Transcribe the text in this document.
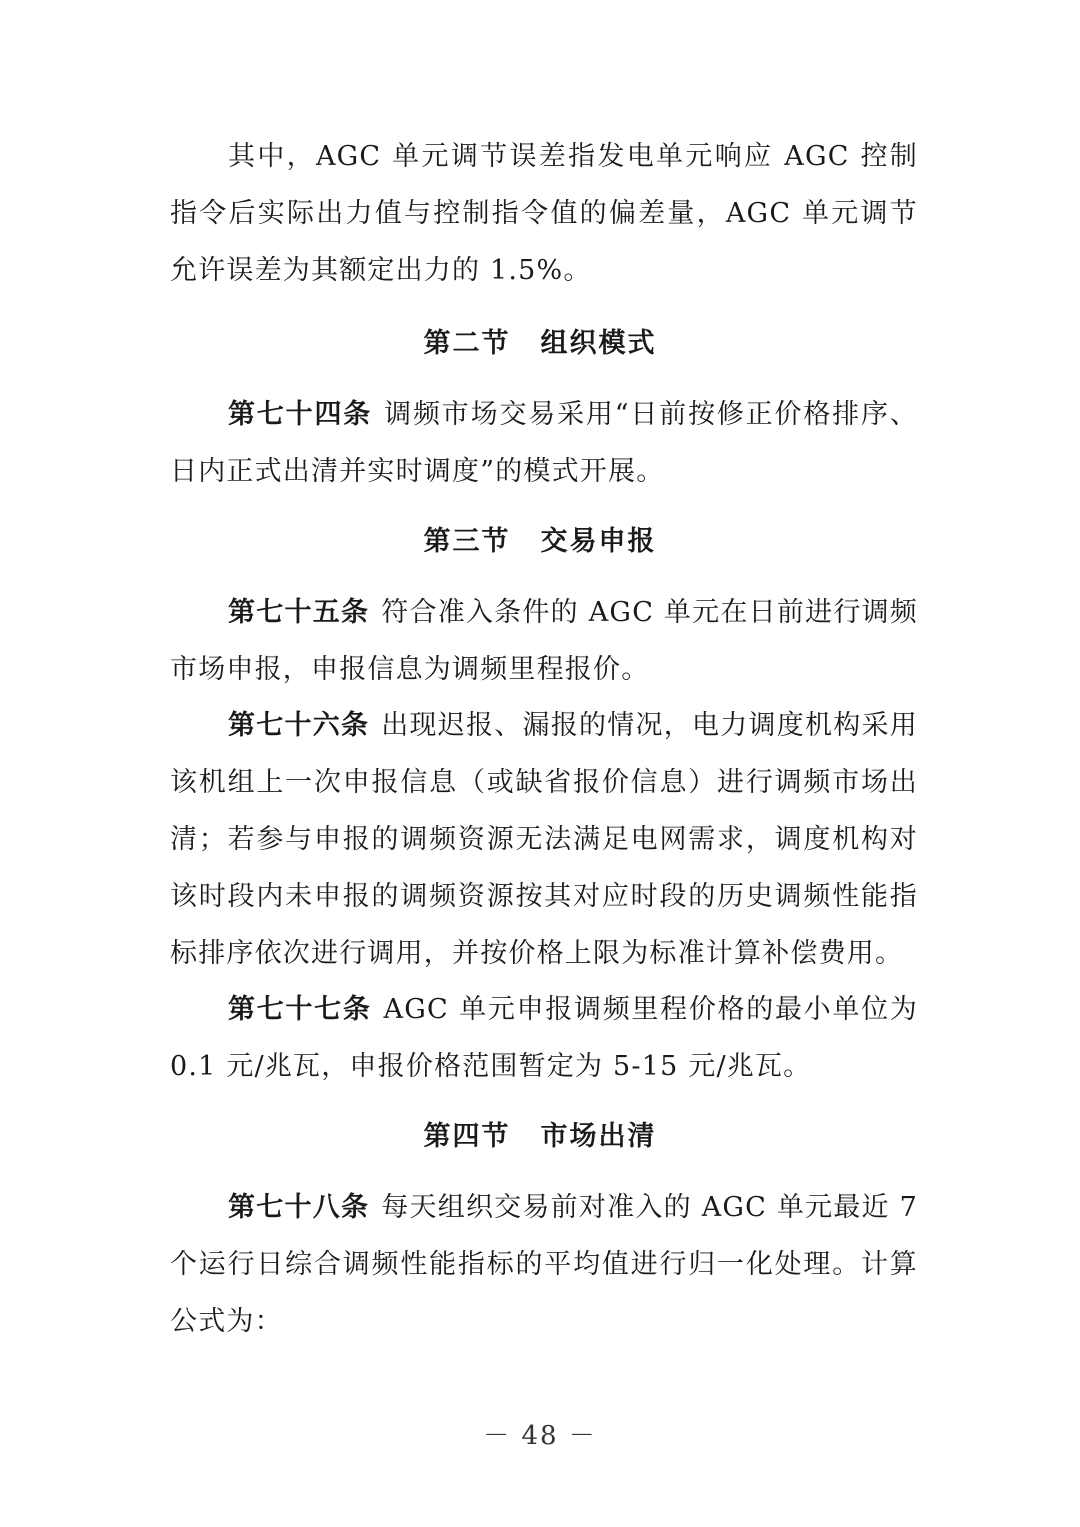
其中，AGC 单元调节误差指发电单元响应 AGC 控制指令后实际出力值与控制指令值的偏差量，AGC 单元调节允许误差为其额定出力的 1.5%。

第二节 组织模式

第七十四条 调频市场交易采用“日前按修正价格排序、日内正式出清并实时调度”的模式开展。

第三节 交易申报

第七十五条 符合准入条件的 AGC 单元在日前进行调频市场申报，申报信息为调频里程报价。

第七十六条 出现迟报、漏报的情况，电力调度机构采用该机组上一次申报信息（或缺省报价信息）进行调频市场出清；若参与申报的调频资源无法满足电网需求，调度机构对该时段内未申报的调频资源按其对应时段的历史调频性能指标排序依次进行调用，并按价格上限为标准计算补偿费用。

第七十七条 AGC 单元申报调频里程价格的最小单位为 0.1 元/兆瓦，申报价格范围暂定为 5-15 元/兆瓦。

第四节 市场出清

第七十八条 每天组织交易前对准入的 AGC 单元最近 7 个运行日综合调频性能指标的平均值进行归一化处理。计算公式为：

－ 48 －
